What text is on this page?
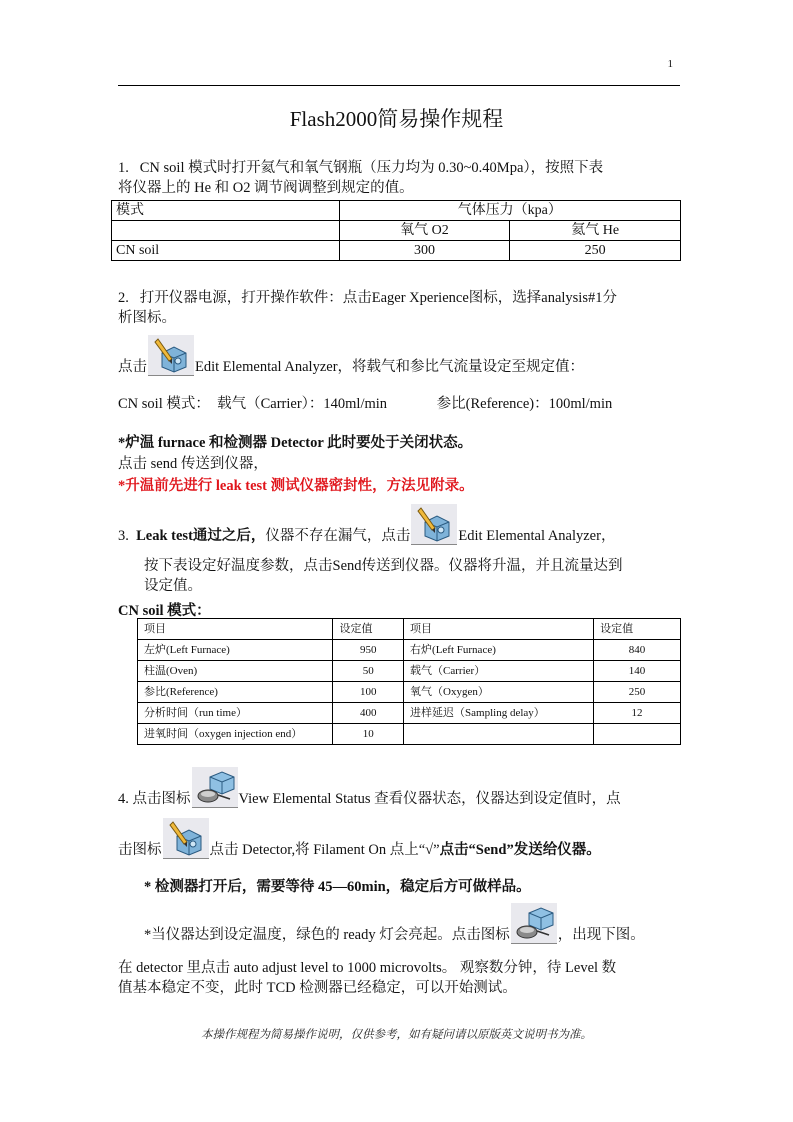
1
Flash2000简易操作规程
1.   CN soil 模式时打开氦气和氧气钢瓶（压力均为 0.30~0.40Mpa），按照下表
将仪器上的 He 和 O2 调节阀调整到规定的值。
模式	气体压力（kpa）	
	氧气 O2	氦气 He
CN soil	300	250
2.   打开仪器电源，打开操作软件：点击Eager Xperience图标，选择analysis#1分
析图标。
点击	Edit Elemental Analyzer，将载气和参比气流量设定至规定值：
CN soil 模式：  载气（Carrier）：140ml/min	参比(Reference)：100ml/min
*炉温 furnace 和检测器 Detector 此时要处于关闭状态。
点击 send 传送到仪器，
*升温前先进行 leak test 测试仪器密封性，方法见附录。
3. Leak test通过之后，仪器不存在漏气，点击	Edit Elemental Analyzer，
按下表设定好温度参数，点击Send传送到仪器。仪器将升温，并且流量达到
设定值。
CN soil 模式：
项目	设定值	项目	设定值
左炉(Left Furnace)	950	右炉(Left Furnace)	840
柱温(Oven)	50	载气（Carrier）	140
参比(Reference)	100	氧气（Oxygen）	250
分析时间（run time）	400	进样延迟（Sampling delay）	12
进氧时间（oxygen injection end）	10		
4. 点击图标	View Elemental Status 查看仪器状态，仪器达到设定值时，点
击图标	点击 Detector,将 Filament On 点上“√”点击“Send”发送给仪器。
* 检测器打开后，需要等待 45—60min，稳定后方可做样品。
*当仪器达到设定温度，绿色的 ready 灯会亮起。点击图标	，出现下图。
在 detector 里点击 auto adjust level to 1000 microvolts。 观察数分钟，待 Level 数
值基本稳定不变，此时 TCD 检测器已经稳定，可以开始测试。
本操作规程为简易操作说明，仅供参考，如有疑问请以原版英文说明书为准。
